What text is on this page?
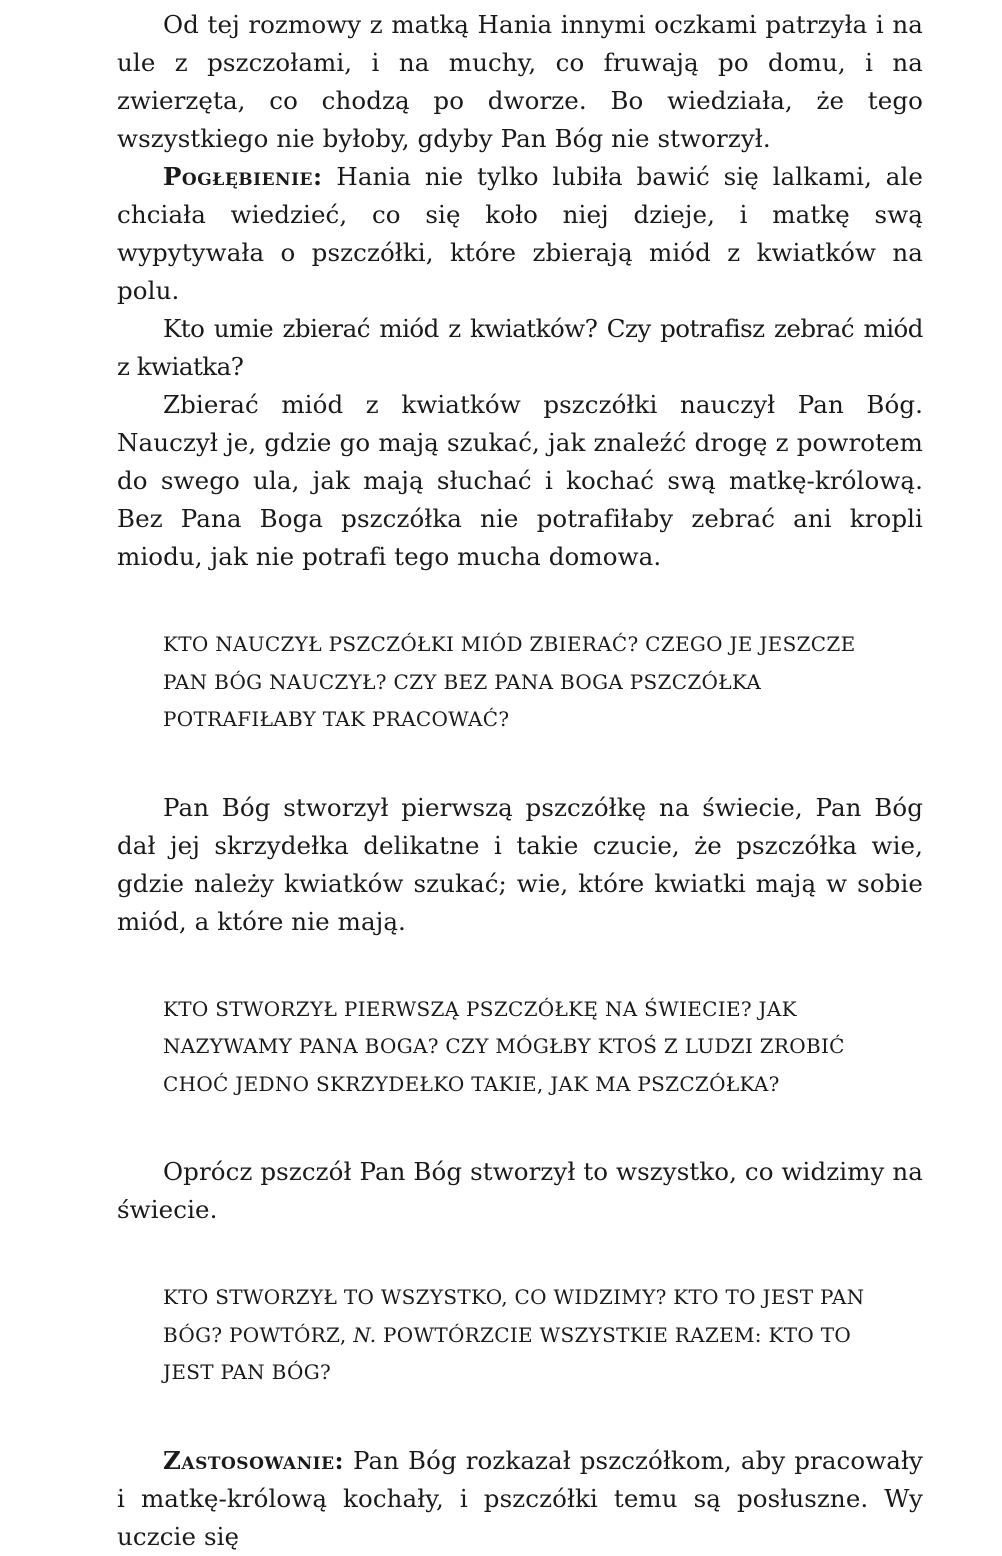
Od tej rozmowy z matką Hania innymi oczkami patrzyła i na ule z pszczołami, i na muchy, co fruwają po domu, i na zwierzęta, co chodzą po dworze. Bo wiedziała, że tego wszystkiego nie byłoby, gdyby Pan Bóg nie stworzył.

Pogłębienie: Hania nie tylko lubiła bawić się lalkami, ale chciała wiedzieć, co się koło niej dzieje, i matkę swą wypytywała o pszczółki, które zbierają miód z kwiatków na polu.

Kto umie zbierać miód z kwiatków? Czy potrafisz zebrać miód z kwiatka?

Zbierać miód z kwiatków pszczółki nauczył Pan Bóg. Nauczył je, gdzie go mają szukać, jak znaleźć drogę z powrotem do swego ula, jak mają słuchać i kochać swą matkę-królową. Bez Pana Boga pszczółka nie potrafiłaby zebrać ani kropli miodu, jak nie potrafi tego mucha domowa.

KTO NAUCZYŁ PSZCZÓŁKI MIÓD ZBIERAĆ? CZEGO JE JESZCZE PAN BÓG NAUCZYŁ? CZY BEZ PANA BOGA PSZCZÓŁKA POTRAFIŁABY TAK PRACOWAĆ?

Pan Bóg stworzył pierwszą pszczółkę na świecie, Pan Bóg dał jej skrzydełka delikatne i takie czucie, że pszczółka wie, gdzie należy kwiatków szukać; wie, które kwiatki mają w sobie miód, a które nie mają.

KTO STWORZYŁ PIERWSZĄ PSZCZÓŁKĘ NA ŚWIECIE? JAK NAZYWAMY PANA BOGA? CZY MÓGŁBY KTOŚ Z LUDZI ZROBIĆ CHOĆ JEDNO SKRZYDEŁKO TAKIE, JAK MA PSZCZÓŁKA?

Oprócz pszczół Pan Bóg stworzył to wszystko, co widzimy na świecie.

KTO STWORZYŁ TO WSZYSTKO, CO WIDZIMY? KTO TO JEST PAN BÓG? POWTÓRZ, N. POWTÓRZCIE WSZYSTKIE RAZEM: KTO TO JEST PAN BÓG?

Zastosowanie: Pan Bóg rozkazał pszczółkom, aby pracowały i matkę-królową kochały, i pszczółki temu są posłuszne. Wy uczcie się
